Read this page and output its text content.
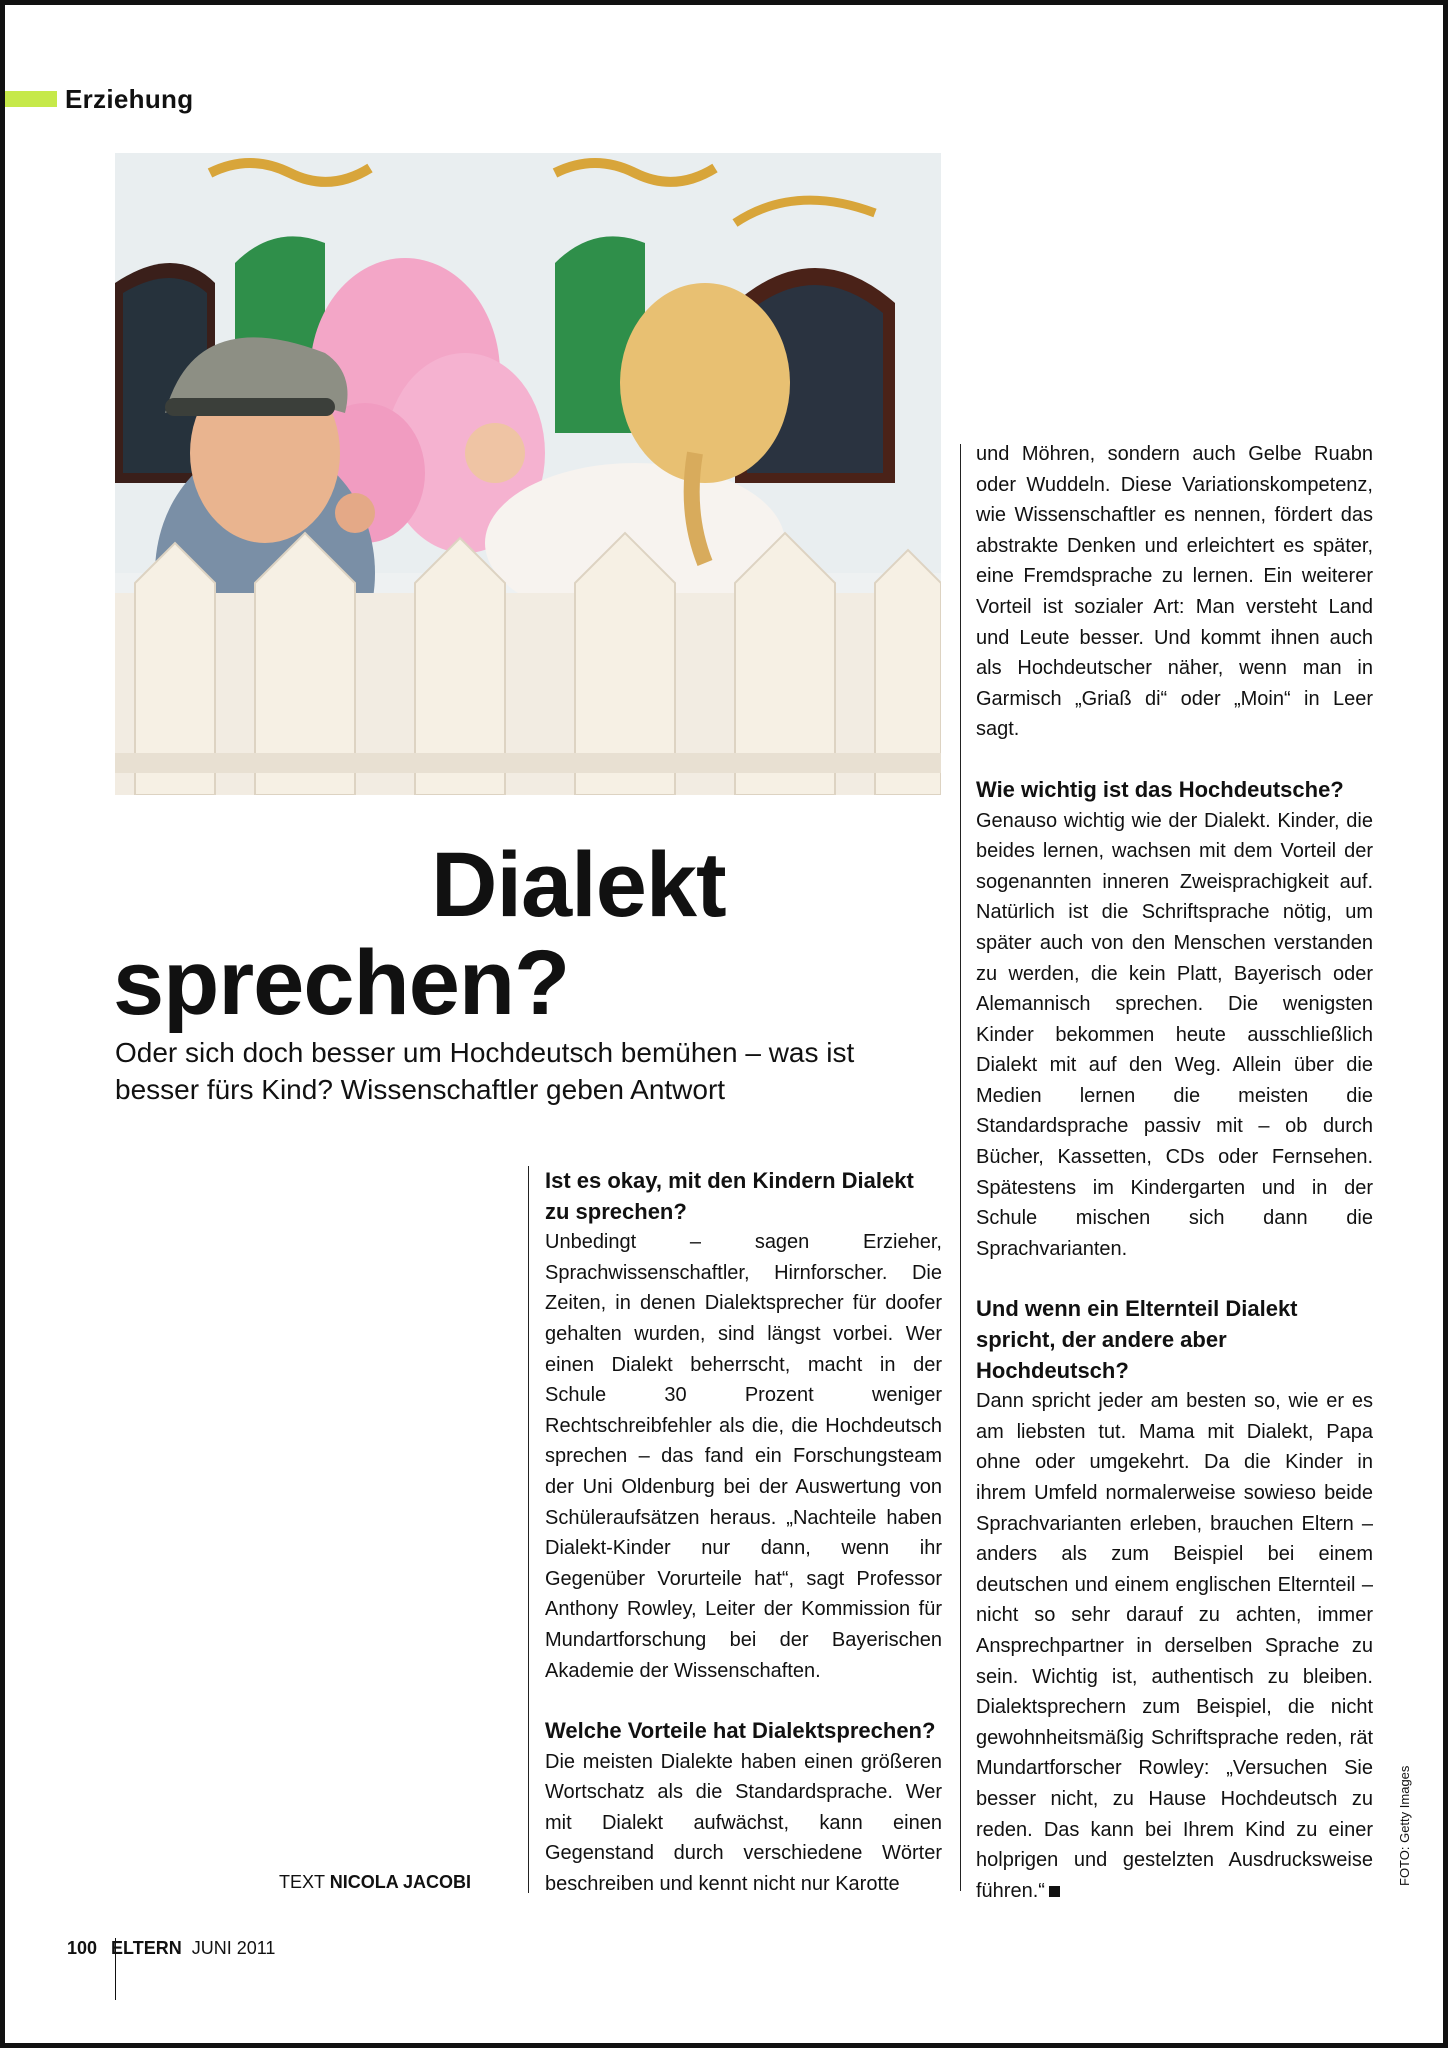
Erziehung
Dialekt
sprechen?
Oder sich doch besser um Hochdeutsch bemühen – was ist besser fürs Kind? Wissenschaftler geben Antwort
Ist es okay, mit den Kindern Dialekt zu sprechen?

Unbedingt – sagen Erzieher, Sprachwissenschaftler, Hirnforscher. Die Zeiten, in denen Dialektsprecher für doofer gehalten wurden, sind längst vorbei. Wer einen Dialekt beherrscht, macht in der Schule 30 Prozent weniger Rechtschreibfehler als die, die Hochdeutsch sprechen – das fand ein Forschungsteam der Uni Oldenburg bei der Auswertung von Schüleraufsätzen heraus. „Nachteile haben Dialekt-Kinder nur dann, wenn ihr Gegenüber Vorurteile hat“, sagt Professor Anthony Rowley, Leiter der Kommission für Mundartforschung bei der Bayerischen Akademie der Wissenschaften.

Welche Vorteile hat Dialektsprechen?

Die meisten Dialekte haben einen größeren Wortschatz als die Standardsprache. Wer mit Dialekt aufwächst, kann einen Gegenstand durch verschiedene Wörter beschreiben und kennt nicht nur Karotte

und Möhren, sondern auch Gelbe Ruabn oder Wuddeln. Diese Variationskompetenz, wie Wissenschaftler es nennen, fördert das abstrakte Denken und erleichtert es später, eine Fremdsprache zu lernen. Ein weiterer Vorteil ist sozialer Art: Man versteht Land und Leute besser. Und kommt ihnen auch als Hochdeutscher näher, wenn man in Garmisch „Griaß di“ oder „Moin“ in Leer sagt.

Wie wichtig ist das Hochdeutsche?

Genauso wichtig wie der Dialekt. Kinder, die beides lernen, wachsen mit dem Vorteil der sogenannten inneren Zweisprachigkeit auf. Natürlich ist die Schriftsprache nötig, um später auch von den Menschen verstanden zu werden, die kein Platt, Bayerisch oder Alemannisch sprechen. Die wenigsten Kinder bekommen heute ausschließlich Dialekt mit auf den Weg. Allein über die Medien lernen die meisten die Standardsprache passiv mit – ob durch Bücher, Kassetten, CDs oder Fernsehen. Spätestens im Kindergarten und in der Schule mischen sich dann die Sprachvarianten.

Und wenn ein Elternteil Dialekt spricht, der andere aber Hochdeutsch?

Dann spricht jeder am besten so, wie er es am liebsten tut. Mama mit Dialekt, Papa ohne oder umgekehrt. Da die Kinder in ihrem Umfeld normalerweise sowieso beide Sprachvarianten erleben, brauchen Eltern – anders als zum Beispiel bei einem deutschen und einem englischen Elternteil – nicht so sehr darauf zu achten, immer Ansprechpartner in derselben Sprache zu sein. Wichtig ist, authentisch zu bleiben. Dialektsprechern zum Beispiel, die nicht gewohnheitsmäßig Schriftsprache reden, rät Mundartforscher Rowley: „Versuchen Sie besser nicht, zu Hause Hochdeutsch zu reden. Das kann bei Ihrem Kind zu einer holprigen und gestelzten Ausdrucksweise führen.“

TEXT NICOLA JACOBI	FOTO: Getty Images
100 ELTERN JUNI 2011
